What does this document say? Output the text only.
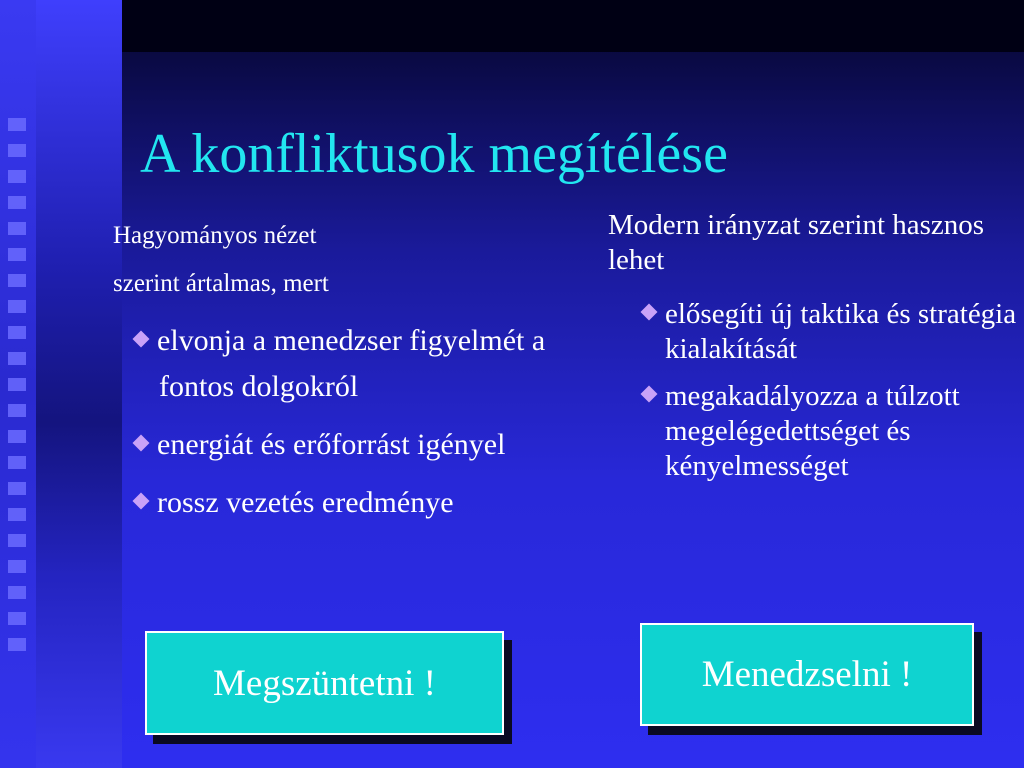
A konfliktusok megítélése
Hagyományos nézet
szerint ártalmas, mert
elvonja a menedzser figyelmét a fontos dolgokról
energiát és erőforrást igényel
rossz vezetés eredménye
Modern irányzat szerint hasznos lehet
elősegíti új taktika és stratégia kialakítását
megakadályozza a túlzott megelégedettséget és kényelmességet
Megszüntetni !	Menedzselni !
